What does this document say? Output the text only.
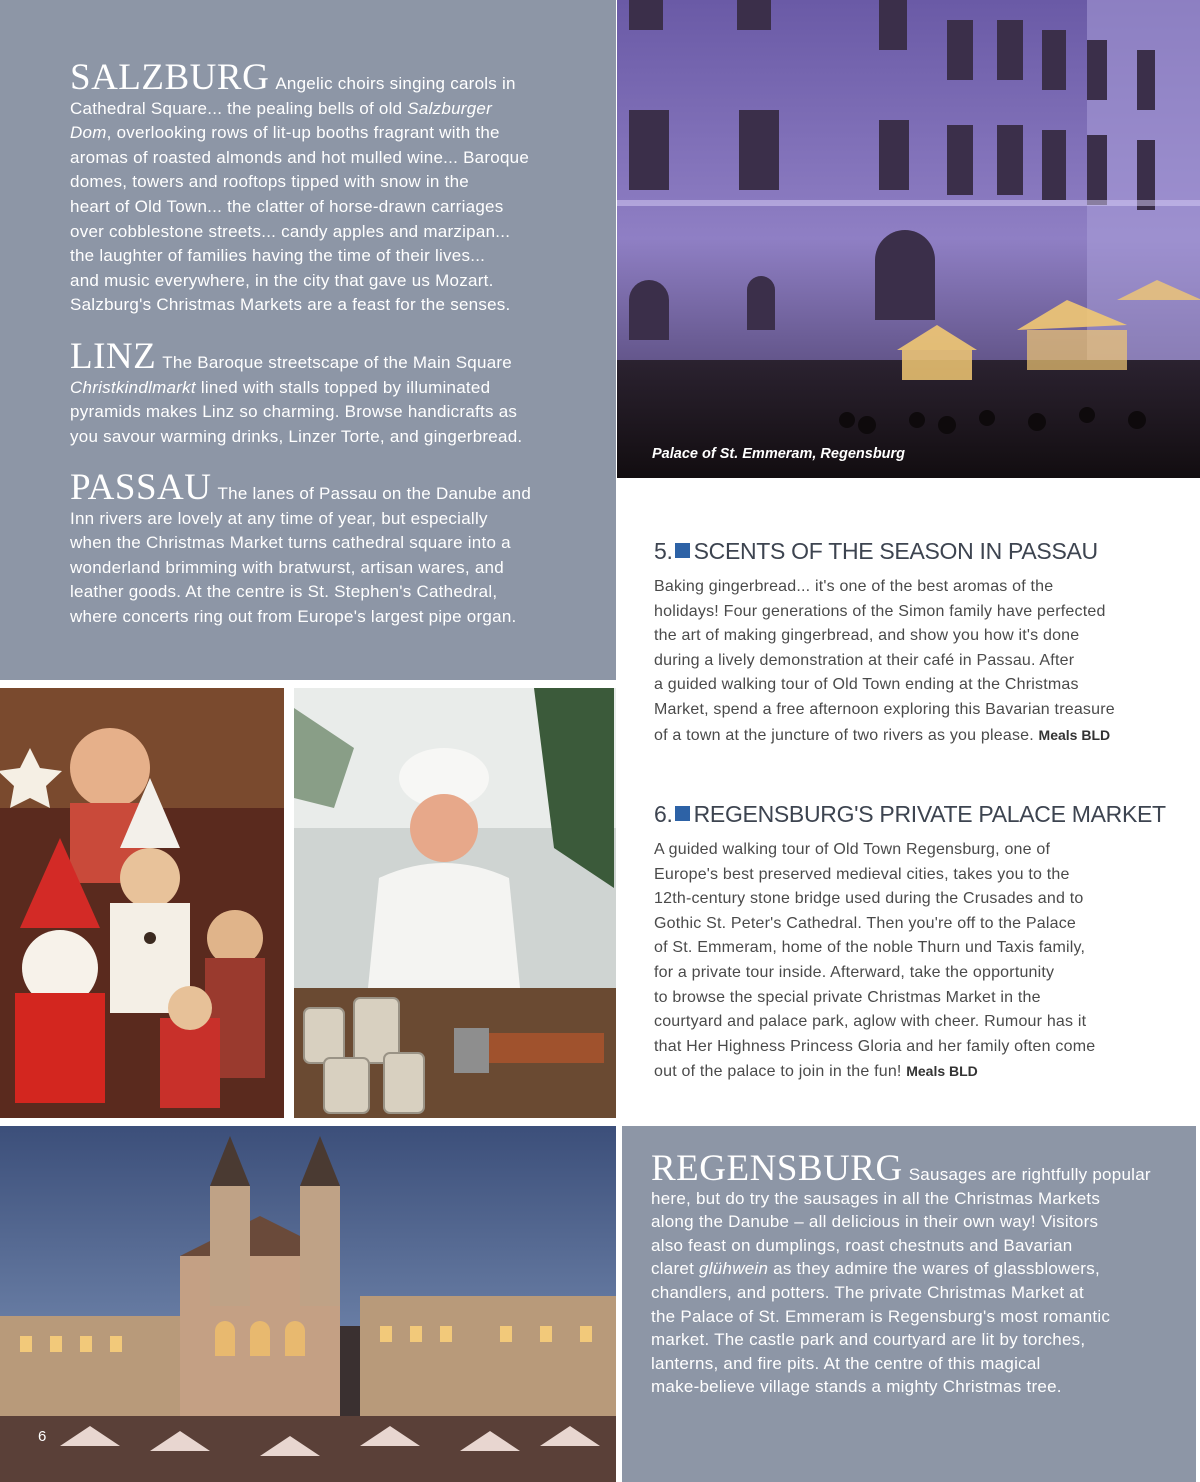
SALZBURG Angelic choirs singing carols in
Cathedral Square... the pealing bells of old Salzburger
Dom, overlooking rows of lit-up booths fragrant with the
aromas of roasted almonds and hot mulled wine... Baroque
domes, towers and rooftops tipped with snow in the
heart of Old Town... the clatter of horse-drawn carriages
over cobblestone streets... candy apples and marzipan...
the laughter of families having the time of their lives...
and music everywhere, in the city that gave us Mozart.
Salzburg's Christmas Markets are a feast for the senses.

LINZ The Baroque streetscape of the Main Square
Christkindlmarkt lined with stalls topped by illuminated
pyramids makes Linz so charming. Browse handicrafts as
you savour warming drinks, Linzer Torte, and gingerbread.

PASSAU The lanes of Passau on the Danube and
Inn rivers are lovely at any time of year, but especially
when the Christmas Market turns cathedral square into a
wonderland brimming with bratwurst, artisan wares, and
leather goods. At the centre is St. Stephen's Cathedral,
where concerts ring out from Europe's largest pipe organ.

Palace of St. Emmeram, Regensburg
5. SCENTS OF THE SEASON IN PASSAU
Baking gingerbread... it's one of the best aromas of the
holidays! Four generations of the Simon family have perfected
the art of making gingerbread, and show you how it's done
during a lively demonstration at their café in Passau. After
a guided walking tour of Old Town ending at the Christmas
Market, spend a free afternoon exploring this Bavarian treasure
of a town at the juncture of two rivers as you please. Meals BLD
6. REGENSBURG'S PRIVATE PALACE MARKET
A guided walking tour of Old Town Regensburg, one of
Europe's best preserved medieval cities, takes you to the
12th-century stone bridge used during the Crusades and to
Gothic St. Peter's Cathedral. Then you're off to the Palace
of St. Emmeram, home of the noble Thurn und Taxis family,
for a private tour inside. Afterward, take the opportunity
to browse the special private Christmas Market in the
courtyard and palace park, aglow with cheer. Rumour has it
that Her Highness Princess Gloria and her family often come
out of the palace to join in the fun! Meals BLD
6

REGENSBURG Sausages are rightfully popular
here, but do try the sausages in all the Christmas Markets
along the Danube – all delicious in their own way! Visitors
also feast on dumplings, roast chestnuts and Bavarian
claret glühwein as they admire the wares of glassblowers,
chandlers, and potters. The private Christmas Market at
the Palace of St. Emmeram is Regensburg's most romantic
market. The castle park and courtyard are lit by torches,
lanterns, and fire pits. At the centre of this magical
make-believe village stands a mighty Christmas tree.
